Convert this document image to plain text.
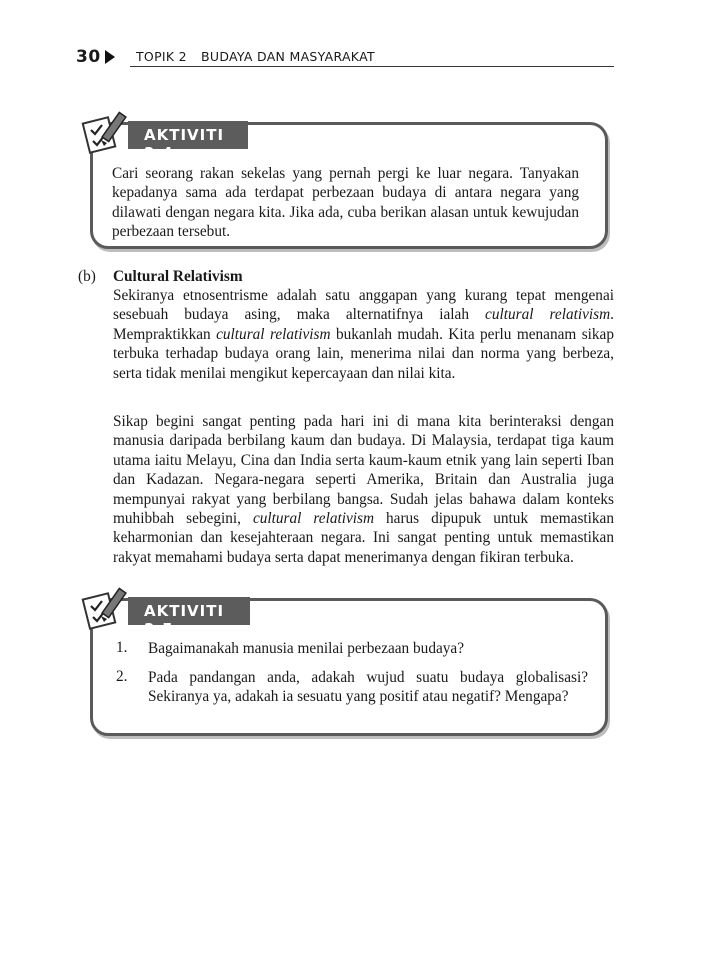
30	TOPIK 2 BUDAYA DAN MASYARAKAT
AKTIVITI 2.4
Cari seorang rakan sekelas yang pernah pergi ke luar negara. Tanyakan kepadanya sama ada terdapat perbezaan budaya di antara negara yang dilawati dengan negara kita. Jika ada, cuba berikan alasan untuk kewujudan perbezaan tersebut.
(b) Cultural Relativism
Sekiranya etnosentrisme adalah satu anggapan yang kurang tepat mengenai sesebuah budaya asing, maka alternatifnya ialah cultural relativism. Mempraktikkan cultural relativism bukanlah mudah. Kita perlu menanam sikap terbuka terhadap budaya orang lain, menerima nilai dan norma yang berbeza, serta tidak menilai mengikut kepercayaan dan nilai kita.
Sikap begini sangat penting pada hari ini di mana kita berinteraksi dengan manusia daripada berbilang kaum dan budaya. Di Malaysia, terdapat tiga kaum utama iaitu Melayu, Cina dan India serta kaum-kaum etnik yang lain seperti Iban dan Kadazan. Negara-negara seperti Amerika, Britain dan Australia juga mempunyai rakyat yang berbilang bangsa. Sudah jelas bahawa dalam konteks muhibbah sebegini, cultural relativism harus dipupuk untuk memastikan keharmonian dan kesejahteraan negara. Ini sangat penting untuk memastikan rakyat memahami budaya serta dapat menerimanya dengan fikiran terbuka.
AKTIVITI 2.5
1. Bagaimanakah manusia menilai perbezaan budaya?
2. Pada pandangan anda, adakah wujud suatu budaya globalisasi? Sekiranya ya, adakah ia sesuatu yang positif atau negatif? Mengapa?
